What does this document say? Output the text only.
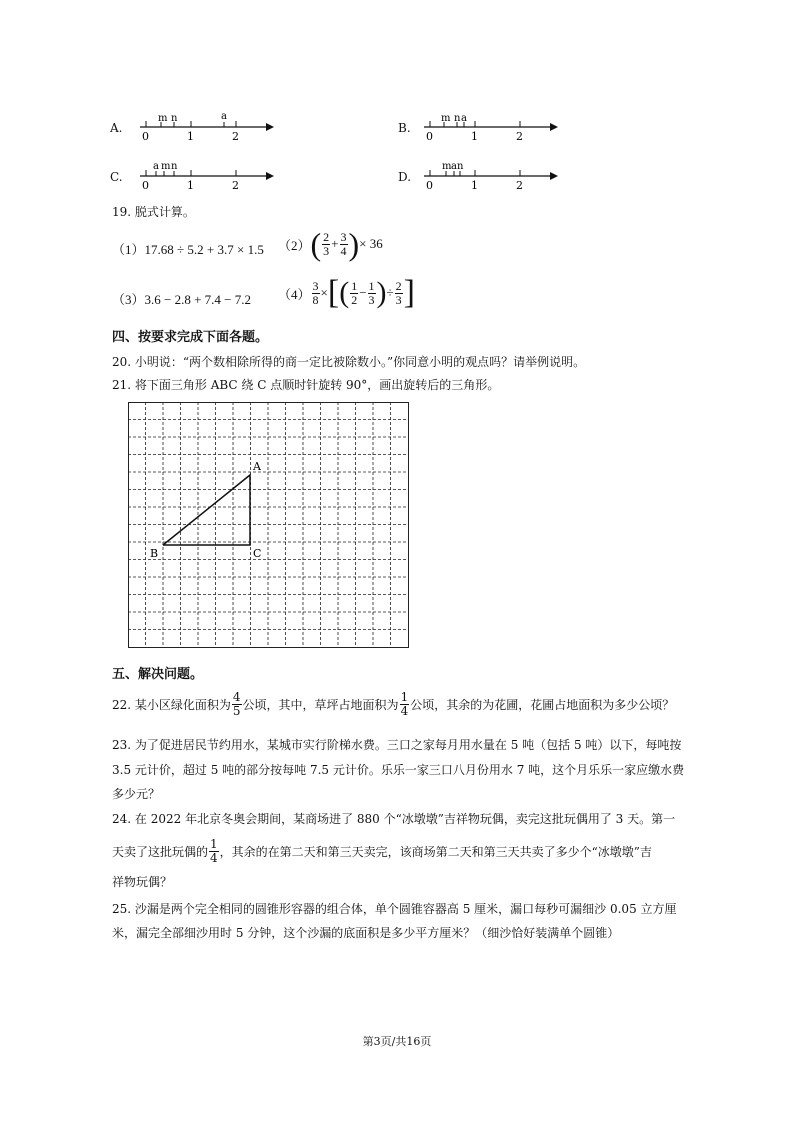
A.
m n	a
0	1	2
B.
m n a
0	1	2
C.
a m n
0	1	2
D.
m a n
0	1	2
19. 脱式计算。
（1）17.68 ÷ 5.2 + 3.7 × 1.5 （2） ( $\frac{2}{3} + \frac{3}{4}$ ) × 36
（3）3.6 − 2.8 + 7.4 − 7.2 $(4) \frac{3}{8}$ × [ ( $\frac{1}{2} - \frac{1}{3}$ ) ÷ $\frac{2}{3}$ ]
四、按要求完成下面各题。
20. 小明说：“两个数相除所得的商一定比被除数小。”你同意小明的观点吗？请举例说明。
21. 将下面三角形 ABC 绕 C 点顺时针旋转 90°，画出旋转后的三角形。
A
B	C
五、解决问题。
22. 某小区绿化面积为 $\frac{4}{5}$ 公顷，其中，草坪占地面积为 $\frac{1}{4}$ 公顷，其余的为花圃，花圃占地面积为多少公顷？
23. 为了促进居民节约用水，某城市实行阶梯水费。三口之家每月用水量在 5 吨（包括 5 吨）以下，每吨按
3.5 元计价，超过 5 吨的部分按每吨 7.5 元计价。乐乐一家三口八月份用水 7 吨，这个月乐乐一家应缴水费
多少元？
24. 在 2022 年北京冬奥会期间，某商场进了 880 个“冰墩墩”吉祥物玩偶，卖完这批玩偶用了 3 天。第一
天卖了这批玩偶的 $\frac{1}{4}$ ，其余的在第二天和第三天卖完，该商场第二天和第三天共卖了多少个“冰墩墩”吉
祥物玩偶？
25. 沙漏是两个完全相同的圆锥形容器的组合体，单个圆锥容器高 5 厘米，漏口每秒可漏细沙 0.05 立方厘
米，漏完全部细沙用时 5 分钟，这个沙漏的底面积是多少平方厘米？（细沙恰好装满单个圆锥）
第3页/共16页
